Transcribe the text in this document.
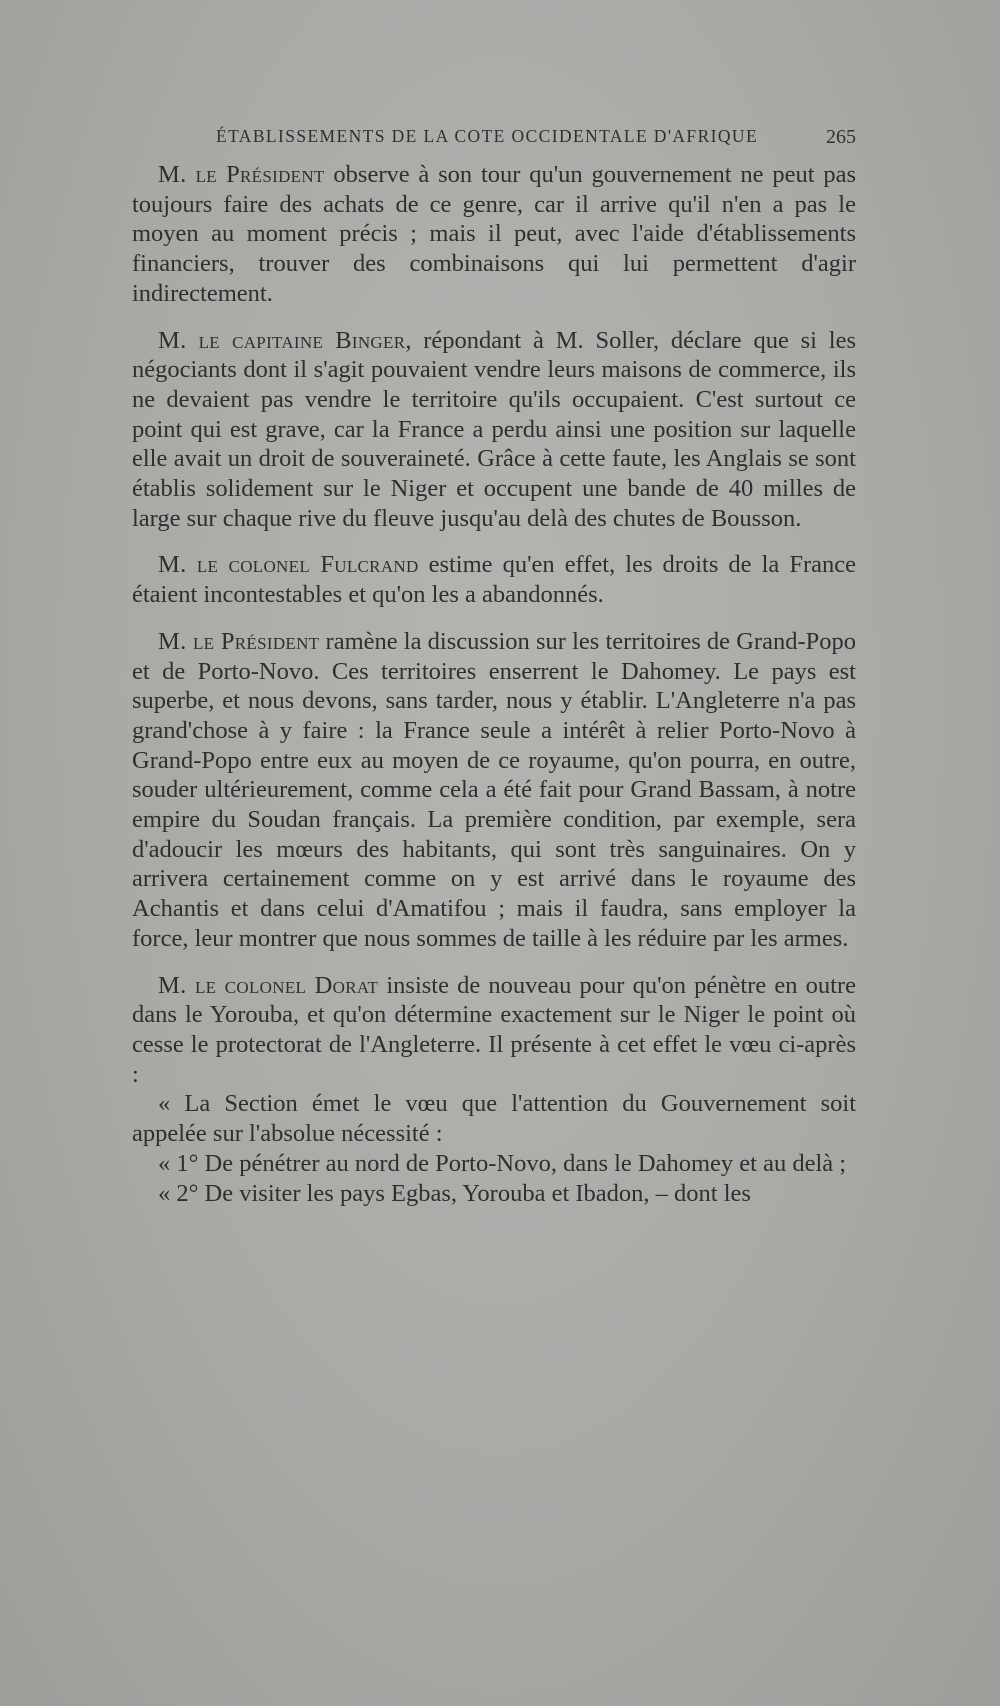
ÉTABLISSEMENTS DE LA COTE OCCIDENTALE D'AFRIQUE	265

M. le Président observe à son tour qu'un gouvernement ne peut pas toujours faire des achats de ce genre, car il arrive qu'il n'en a pas le moyen au moment précis ; mais il peut, avec l'aide d'établissements financiers, trouver des combinaisons qui lui permettent d'agir indirectement.

M. le capitaine Binger, répondant à M. Soller, déclare que si les négociants dont il s'agit pouvaient vendre leurs maisons de commerce, ils ne devaient pas vendre le territoire qu'ils occupaient. C'est surtout ce point qui est grave, car la France a perdu ainsi une position sur laquelle elle avait un droit de souveraineté. Grâce à cette faute, les Anglais se sont établis solidement sur le Niger et occupent une bande de 40 milles de large sur chaque rive du fleuve jusqu'au delà des chutes de Bousson.

M. le colonel Fulcrand estime qu'en effet, les droits de la France étaient incontestables et qu'on les a abandonnés.

M. le Président ramène la discussion sur les territoires de Grand-Popo et de Porto-Novo. Ces territoires enserrent le Dahomey. Le pays est superbe, et nous devons, sans tarder, nous y établir. L'Angleterre n'a pas grand'chose à y faire : la France seule a intérêt à relier Porto-Novo à Grand-Popo entre eux au moyen de ce royaume, qu'on pourra, en outre, souder ultérieurement, comme cela a été fait pour Grand Bassam, à notre empire du Soudan français. La première condition, par exemple, sera d'adoucir les mœurs des habitants, qui sont très sanguinaires. On y arrivera certainement comme on y est arrivé dans le royaume des Achantis et dans celui d'Amatifou ; mais il faudra, sans employer la force, leur montrer que nous sommes de taille à les réduire par les armes.

M. le colonel Dorat insiste de nouveau pour qu'on pénètre en outre dans le Yorouba, et qu'on détermine exactement sur le Niger le point où cesse le protectorat de l'Angleterre. Il présente à cet effet le vœu ci-après :

« La Section émet le vœu que l'attention du Gouvernement soit appelée sur l'absolue nécessité :

« 1° De pénétrer au nord de Porto-Novo, dans le Dahomey et au delà ;

« 2° De visiter les pays Egbas, Yorouba et Ibadon, – dont les
